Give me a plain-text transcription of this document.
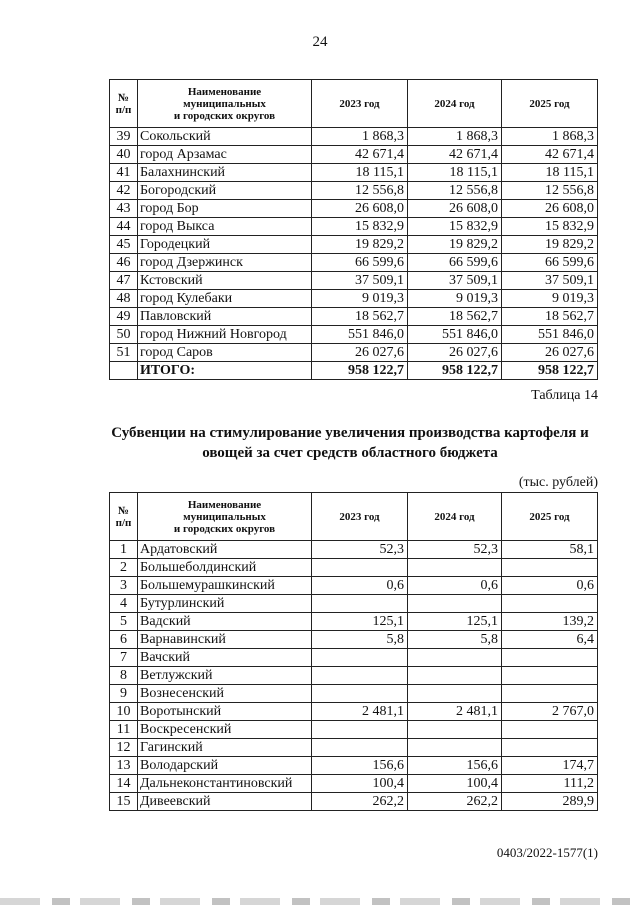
24
№
п/п	Наименование
муниципальных
и городских округов	2023 год	2024 год	2025 год
39	Сокольский	1 868,3	1 868,3	1 868,3
40	город Арзамас	42 671,4	42 671,4	42 671,4
41	Балахнинский	18 115,1	18 115,1	18 115,1
42	Богородский	12 556,8	12 556,8	12 556,8
43	город Бор	26 608,0	26 608,0	26 608,0
44	город Выкса	15 832,9	15 832,9	15 832,9
45	Городецкий	19 829,2	19 829,2	19 829,2
46	город Дзержинск	66 599,6	66 599,6	66 599,6
47	Кстовский	37 509,1	37 509,1	37 509,1
48	город Кулебаки	9 019,3	9 019,3	9 019,3
49	Павловский	18 562,7	18 562,7	18 562,7
50	город Нижний Новгород	551 846,0	551 846,0	551 846,0
51	город Саров	26 027,6	26 027,6	26 027,6
	ИТОГО:	958 122,7	958 122,7	958 122,7
Таблица 14
Субвенции на стимулирование увеличения производства картофеля и овощей за счет средств областного бюджета
(тыс. рублей)
№
п/п	Наименование
муниципальных
и городских округов	2023 год	2024 год	2025 год
1	Ардатовский	52,3	52,3	58,1
2	Большеболдинский			
3	Большемурашкинский	0,6	0,6	0,6
4	Бутурлинский			
5	Вадский	125,1	125,1	139,2
6	Варнавинский	5,8	5,8	6,4
7	Вачский			
8	Ветлужский			
9	Вознесенский			
10	Воротынский	2 481,1	2 481,1	2 767,0
11	Воскресенский			
12	Гагинский			
13	Володарский	156,6	156,6	174,7
14	Дальнеконстантиновский	100,4	100,4	111,2
15	Дивеевский	262,2	262,2	289,9
0403/2022-1577(1)
